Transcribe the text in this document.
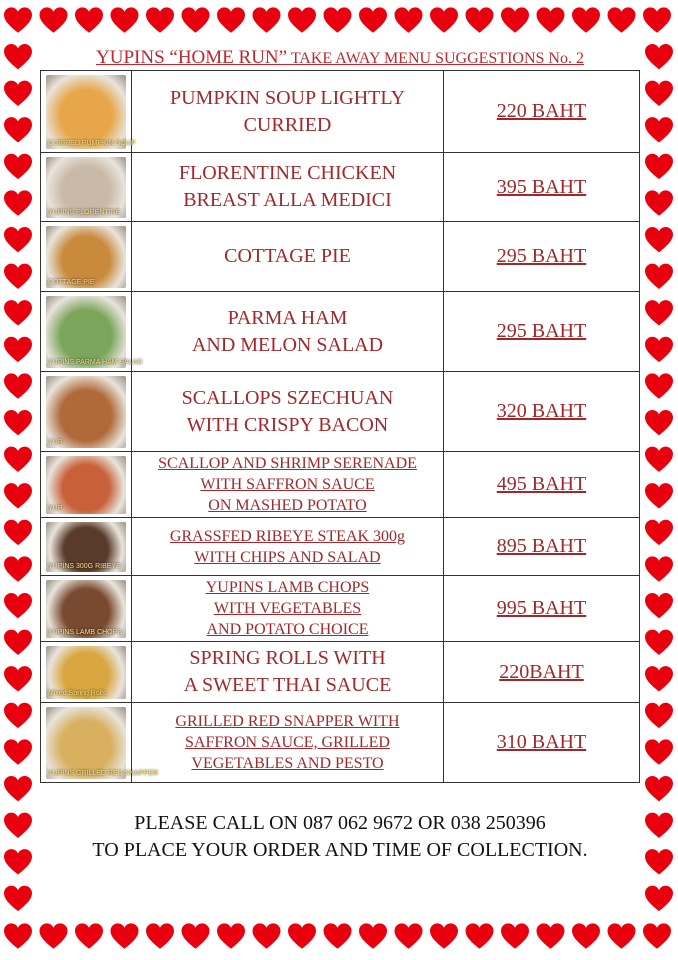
YUPINS “HOME RUN” TAKE AWAY MENU SUGGESTIONS No. 2
CURRIED PUMPKIN SOUP	PUMPKIN SOUP LIGHTLY
CURRIED	220 BAHT

YUPINS FLORENTINE	FLORENTINE CHICKEN
BREAST ALLA MEDICI	395 BAHT

COTTAGE PIE	COTTAGE PIE	295 BAHT

YUPINS PARMA HAM SALAD	PARMA HAM
AND MELON SALAD	295 BAHT

YUP	SCALLOPS SZECHUAN
WITH CRISPY BACON	320 BAHT

YUP	SCALLOP AND SHRIMP SERENADE
WITH SAFFRON SAUCE
ON MASHED POTATO	495 BAHT

YUPINS 300G RIBEYE	GRASSFED RIBEYE STEAK 300g
WITH CHIPS AND SALAD	895 BAHT

YUPINS LAMB CHOPS	YUPINS LAMB CHOPS
WITH VEGETABLES
AND POTATO CHOICE	995 BAHT

Mixed Spring Rolls	SPRING ROLLS WITH
A SWEET THAI SAUCE	220BAHT

YUPINS GRILLED RED SNAPPER	GRILLED RED SNAPPER WITH
SAFFRON SAUCE, GRILLED
VEGETABLES AND PESTO	310 BAHT
PLEASE CALL ON 087 062 9672 OR 038 250396
TO PLACE YOUR ORDER AND TIME OF COLLECTION.
